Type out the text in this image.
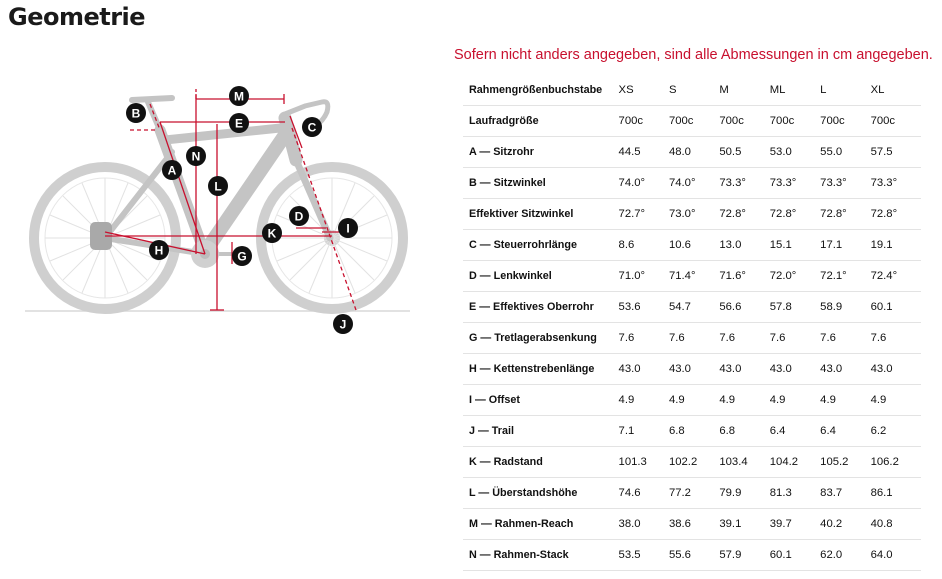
Geometrie

Sofern nicht anders angegeben, sind alle Abmessungen in cm angegeben.

A
B
C
D
E
G
H
I
J
K
L
M
N
Rahmengrößenbuchstabe	XS	S	M	ML	L	XL
Laufradgröße	700c	700c	700c	700c	700c	700c
A — Sitzrohr	44.5	48.0	50.5	53.0	55.0	57.5
B — Sitzwinkel	74.0°	74.0°	73.3°	73.3°	73.3°	73.3°
Effektiver Sitzwinkel	72.7°	73.0°	72.8°	72.8°	72.8°	72.8°
C — Steuerrohrlänge	8.6	10.6	13.0	15.1	17.1	19.1
D — Lenkwinkel	71.0°	71.4°	71.6°	72.0°	72.1°	72.4°
E — Effektives Oberrohr	53.6	54.7	56.6	57.8	58.9	60.1
G — Tretlagerabsenkung	7.6	7.6	7.6	7.6	7.6	7.6
H — Kettenstrebenlänge	43.0	43.0	43.0	43.0	43.0	43.0
I — Offset	4.9	4.9	4.9	4.9	4.9	4.9
J — Trail	7.1	6.8	6.8	6.4	6.4	6.2
K — Radstand	101.3	102.2	103.4	104.2	105.2	106.2
L — Überstandshöhe	74.6	77.2	79.9	81.3	83.7	86.1
M — Rahmen-Reach	38.0	38.6	39.1	39.7	40.2	40.8
N — Rahmen-Stack	53.5	55.6	57.9	60.1	62.0	64.0
